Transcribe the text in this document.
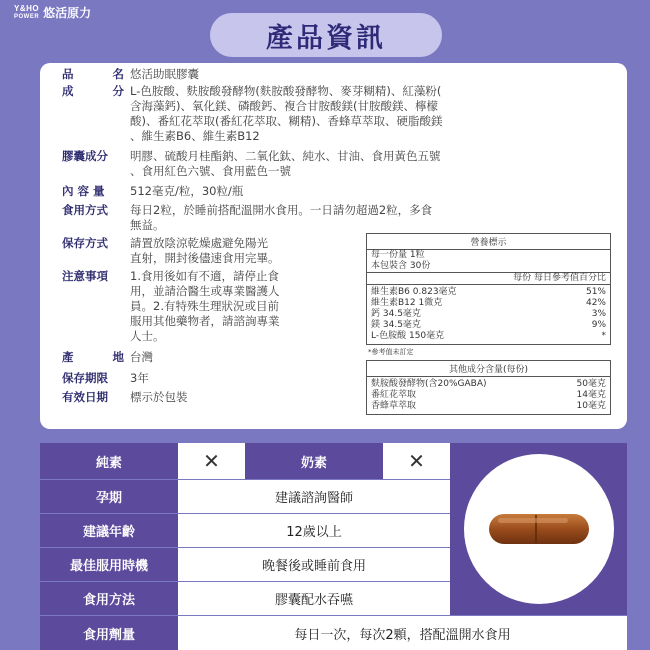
Y&HO
POWER 悠活原力
產品資訊
品	名 悠活助眠膠囊
成	分 L-色胺酸、麩胺酸發酵物(麩胺酸發酵物、麥芽糊精)、紅藻粉(
含海藻鈣)、氧化鎂、磷酸鈣、複合甘胺酸鎂(甘胺酸鎂、檸檬
酸)、番紅花萃取(番紅花萃取、糊精)、香蜂草萃取、硬脂酸鎂
、維生素B6、維生素B12
膠囊成分	明膠、硫酸月桂酯鈉、二氧化鈦、純水、甘油、食用黃色五號
、食用紅色六號、食用藍色一號
內 容 量	512毫克/粒，30粒/瓶
食用方式	每日2粒，於睡前搭配溫開水食用。一日請勿超過2粒，多食
無益。
保存方式	請置放陰涼乾燥處避免陽光
直射，開封後儘速食用完畢。
注意事項	1.食用後如有不適，請停止食
用，並請洽醫生或專業醫護人
員。2.有特殊生理狀況或目前
服用其他藥物者，請諮詢專業
人士。
產	地 台灣
保存期限	3年
有效日期	標示於包裝
營養標示
每一份量 1粒
本包裝含 30份
每份 每日參考值百分比
維生素B6 0.823毫克	51%
維生素B12 1微克	42%
鈣 34.5毫克	3%
鎂 34.5毫克	9%
L-色胺酸 150毫克	*
*參考值未訂定
其他成分含量(每份)
麩胺酸發酵物(含20%GABA)	50毫克
番紅花萃取	14毫克
香蜂草萃取	10毫克
純素	✕	奶素	✕
孕期	建議諮詢醫師
建議年齡	12歲以上
最佳服用時機	晚餐後或睡前食用
食用方法	膠囊配水吞嚥
食用劑量	每日一次，每次2顆，搭配溫開水食用
